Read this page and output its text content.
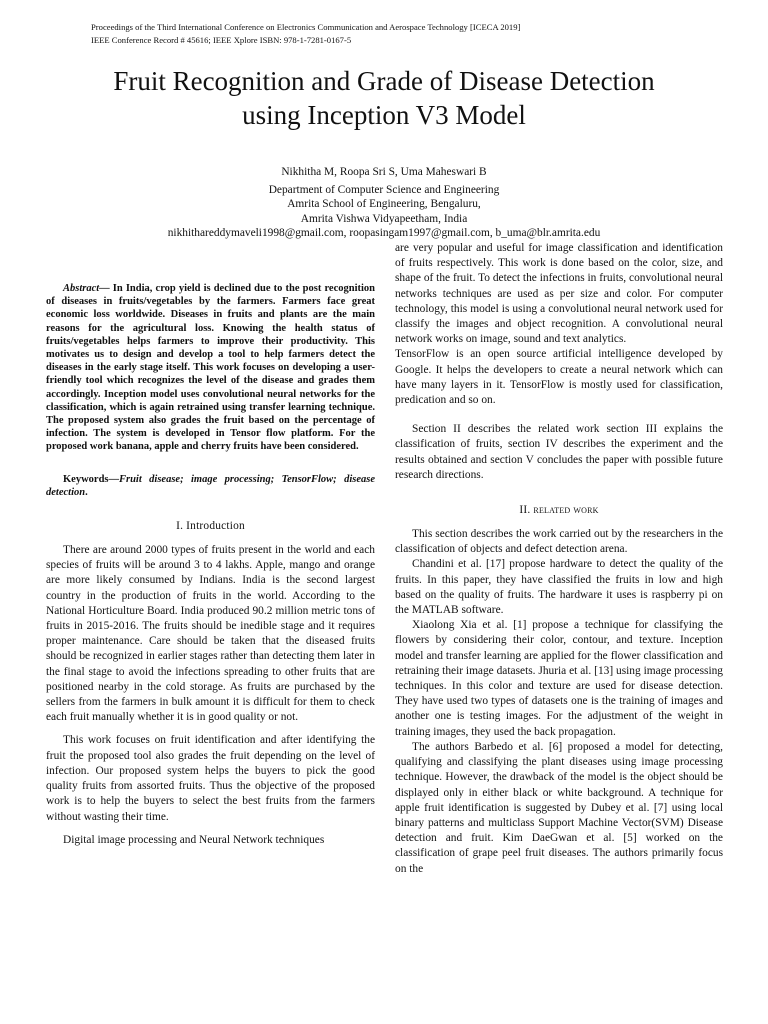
Proceedings of the Third International Conference on Electronics Communication and Aerospace Technology [ICECA 2019]
IEEE Conference Record # 45616; IEEE Xplore ISBN: 978-1-7281-0167-5
Fruit Recognition and Grade of Disease Detection
using Inception V3 Model
Nikhitha M, Roopa Sri S, Uma Maheswari B
Department of Computer Science and Engineering
Amrita School of Engineering, Bengaluru,
Amrita Vishwa Vidyapeetham, India
nikhithareddymaveli1998@gmail.com, roopasingam1997@gmail.com, b_uma@blr.amrita.edu

Abstract— In India, crop yield is declined due to the post recognition of diseases in fruits/vegetables by the farmers. Farmers face great economic loss worldwide. Diseases in fruits and plants are the main reasons for the agricultural loss. Knowing the health status of fruits/vegetables helps farmers to improve their productivity. This motivates us to design and develop a tool to help farmers detect the diseases in the early stage itself. This work focuses on developing a user-friendly tool which recognizes the level of the disease and grades them accordingly. Inception model uses convolutional neural networks for the classification, which is again retrained using transfer learning technique. The proposed system also grades the fruit based on the percentage of infection. The system is developed in Tensor flow platform. For the proposed work banana, apple and cherry fruits have been considered.

Keywords—Fruit disease; image processing; TensorFlow; disease detection.

I. Introduction

There are around 2000 types of fruits present in the world and each species of fruits will be around 3 to 4 lakhs. Apple, mango and orange are more likely consumed by Indians. India is the second largest country in the production of fruits in the world. According to the National Horticulture Board. India produced 90.2 million metric tons of fruits in 2015-2016. The fruits should be inedible stage and it requires proper maintenance. Care should be taken that the diseased fruits should be recognized in earlier stages rather than detecting them later in the final stage to avoid the infections spreading to other fruits that are positioned nearby in the cold storage. As fruits are purchased by the sellers from the farmers in bulk amount it is difficult for them to check each fruit manually whether it is in good quality or not.

This work focuses on fruit identification and after identifying the fruit the proposed tool also grades the fruit depending on the level of infection. Our proposed system helps the buyers to pick the good quality fruits from assorted fruits. Thus the objective of the proposed work is to help the buyers to select the best fruits from the farmers without wasting their time.

Digital image processing and Neural Network techniques

are very popular and useful for image classification and identification of fruits respectively. This work is done based on the color, size, and shape of the fruit. To detect the infections in fruits, convolutional neural networks techniques are used as per size and color. For computer technology, this model is using a convolutional neural network used for classify the images and object recognition. A convolutional neural network works on image, sound and text analytics.

TensorFlow is an open source artificial intelligence developed by Google. It helps the developers to create a neural network which can have many layers in it. TensorFlow is mostly used for classification, predication and so on.

Section II describes the related work section III explains the classification of fruits, section IV describes the experiment and the results obtained and section V concludes the paper with possible future research directions.

II. related work

This section describes the work carried out by the researchers in the classification of objects and defect detection arena.

Chandini et al. [17] propose hardware to detect the quality of the fruits. In this paper, they have classified the fruits in low and high based on the quality of fruits. The hardware it uses is raspberry pi on the MATLAB software.

Xiaolong Xia et al. [1] propose a technique for classifying the flowers by considering their color, contour, and texture. Inception model and transfer learning are applied for the flower classification and retraining their image datasets. Jhuria et al. [13] using image processing techniques. In this color and texture are used for disease detection. They have used two types of datasets one is the training of images and another one is testing images. For the adjustment of the weight in training images, they used the back propagation.

The authors Barbedo et al. [6] proposed a model for detecting, qualifying and classifying the plant diseases using image processing technique. However, the drawback of the model is the object should be displayed only in either black or white background. A technique for apple fruit identification is suggested by Dubey et al. [7] using local binary patterns and multiclass Support Machine Vector(SVM) Disease detection and fruit. Kim DaeGwan et al. [5] worked on the classification of grape peel fruit diseases. The authors primarily focus on the
